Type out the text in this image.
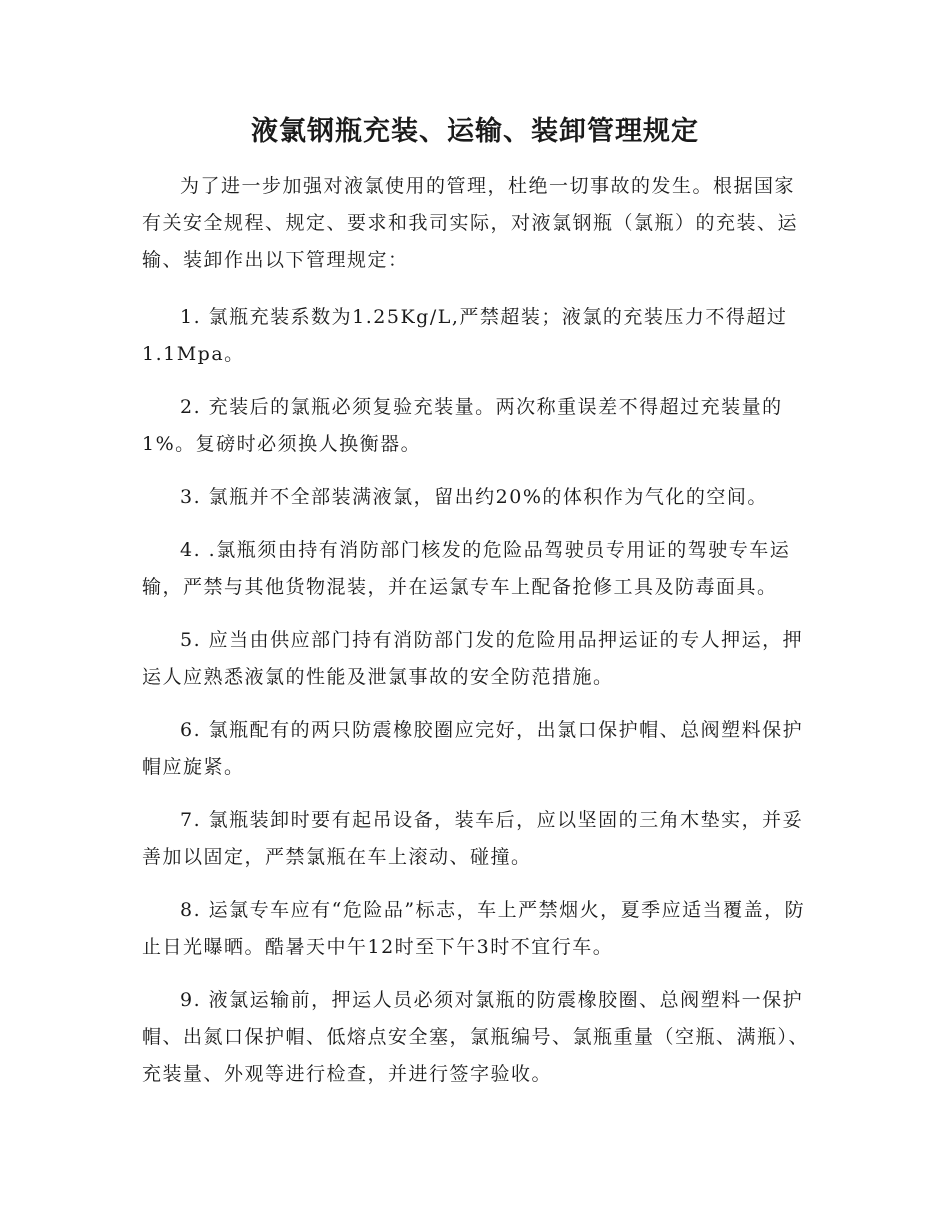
液氯钢瓶充装、运输、装卸管理规定

为了进一步加强对液氯使用的管理，杜绝一切事故的发生。根据国家有关安全规程、规定、要求和我司实际，对液氯钢瓶（氯瓶）的充装、运输、装卸作出以下管理规定：

1. 氯瓶充装系数为1.25Kg/L,严禁超装；液氯的充装压力不得超过1.1Mpa。

2. 充装后的氯瓶必须复验充装量。两次称重误差不得超过充装量的1%。复磅时必须换人换衡器。

3. 氯瓶并不全部装满液氯，留出约20%的体积作为气化的空间。

4. .氯瓶须由持有消防部门核发的危险品驾驶员专用证的驾驶专车运输，严禁与其他货物混装，并在运氯专车上配备抢修工具及防毒面具。

5. 应当由供应部门持有消防部门发的危险用品押运证的专人押运，押运人应熟悉液氯的性能及泄氯事故的安全防范措施。

6. 氯瓶配有的两只防震橡胶圈应完好，出氯口保护帽、总阀塑料保护帽应旋紧。

7. 氯瓶装卸时要有起吊设备，装车后，应以坚固的三角木垫实，并妥善加以固定，严禁氯瓶在车上滚动、碰撞。

8. 运氯专车应有“危险品”标志，车上严禁烟火，夏季应适当覆盖，防止日光曝晒。酷暑天中午12时至下午3时不宜行车。

9. 液氯运输前，押运人员必须对氯瓶的防震橡胶圈、总阀塑料一保护帽、出氮口保护帽、低熔点安全塞，氯瓶编号、氯瓶重量（空瓶、满瓶）、充装量、外观等进行检查，并进行签字验收。
